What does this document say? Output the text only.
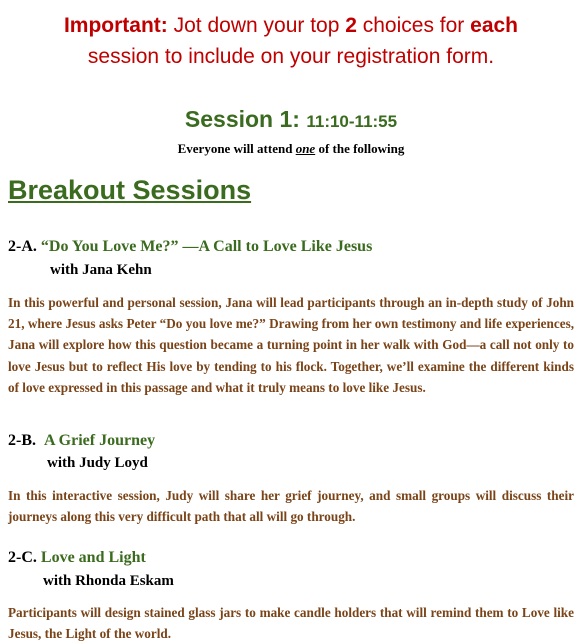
Important: Jot down your top 2 choices for each
session to include on your registration form.
Session 1: 11:10-11:55
Everyone will attend one of the following
Breakout Sessions
2-A. “Do You Love Me?” —A Call to Love Like Jesus
with Jana Kehn
In this powerful and personal session, Jana will lead participants through an in-depth study of John 21, where Jesus asks Peter “Do you love me?” Drawing from her own testimony and life experiences, Jana will explore how this question became a turning point in her walk with God—a call not only to love Jesus but to reflect His love by tending to his flock. Together, we’ll examine the different kinds of love expressed in this passage and what it truly means to love like Jesus.
2-B. A Grief Journey
with Judy Loyd
In this interactive session, Judy will share her grief journey, and small groups will discuss their journeys along this very difficult path that all will go through.
2-C. Love and Light
with Rhonda Eskam
Participants will design stained glass jars to make candle holders that will remind them to Love like Jesus, the Light of the world.
